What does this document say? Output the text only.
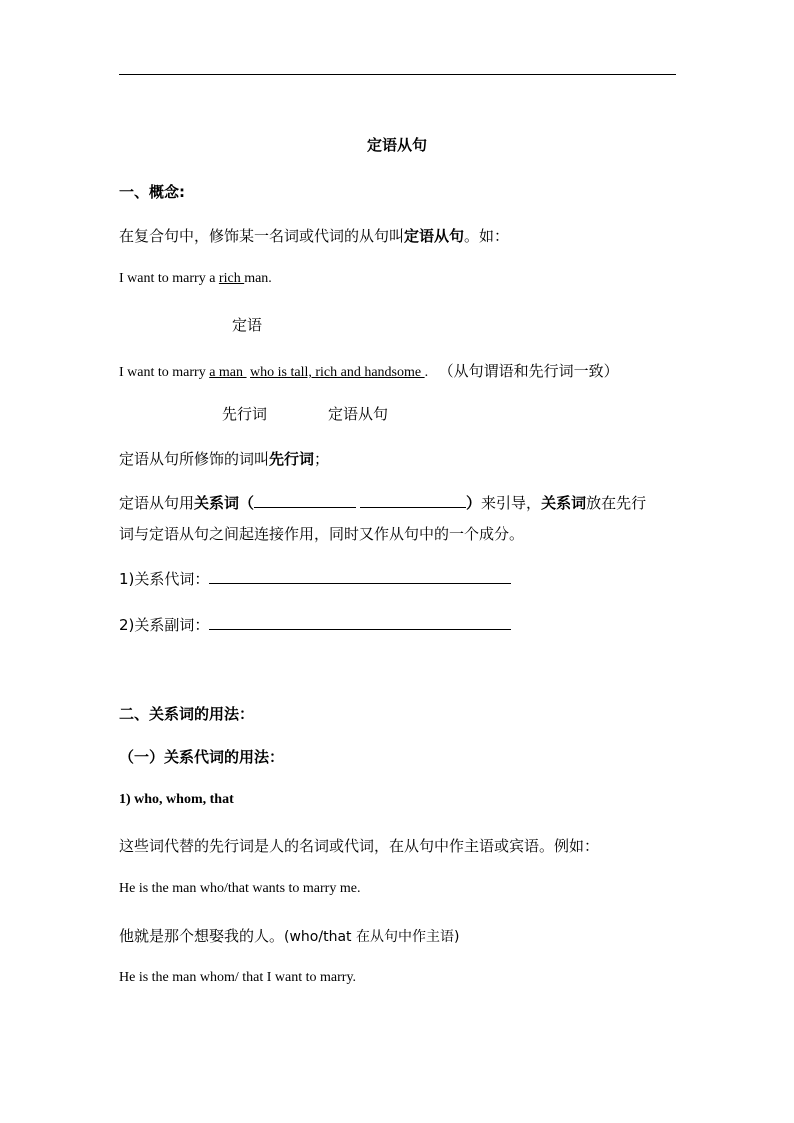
定语从句
一、概念:
在复合句中，修饰某一名词或代词的从句叫定语从句。如：
I want to marry a rich man.
定语
I want to marry a man  who is tall, rich and handsome . （从句谓语和先行词一致）
先行词	定语从句
定语从句所修饰的词叫先行词；
定语从句用关系词（	）来引导，关系词放在先行
词与定语从句之间起连接作用，同时又作从句中的一个成分。
1)关系代词：
2)关系副词：
二、关系词的用法：
（一）关系代词的用法：
1) who, whom, that
这些词代替的先行词是人的名词或代词，在从句中作主语或宾语。例如：
He is the man who/that wants to marry me.
他就是那个想娶我的人。(who/that 在从句中作主语)
He is the man whom/ that I want to marry.
